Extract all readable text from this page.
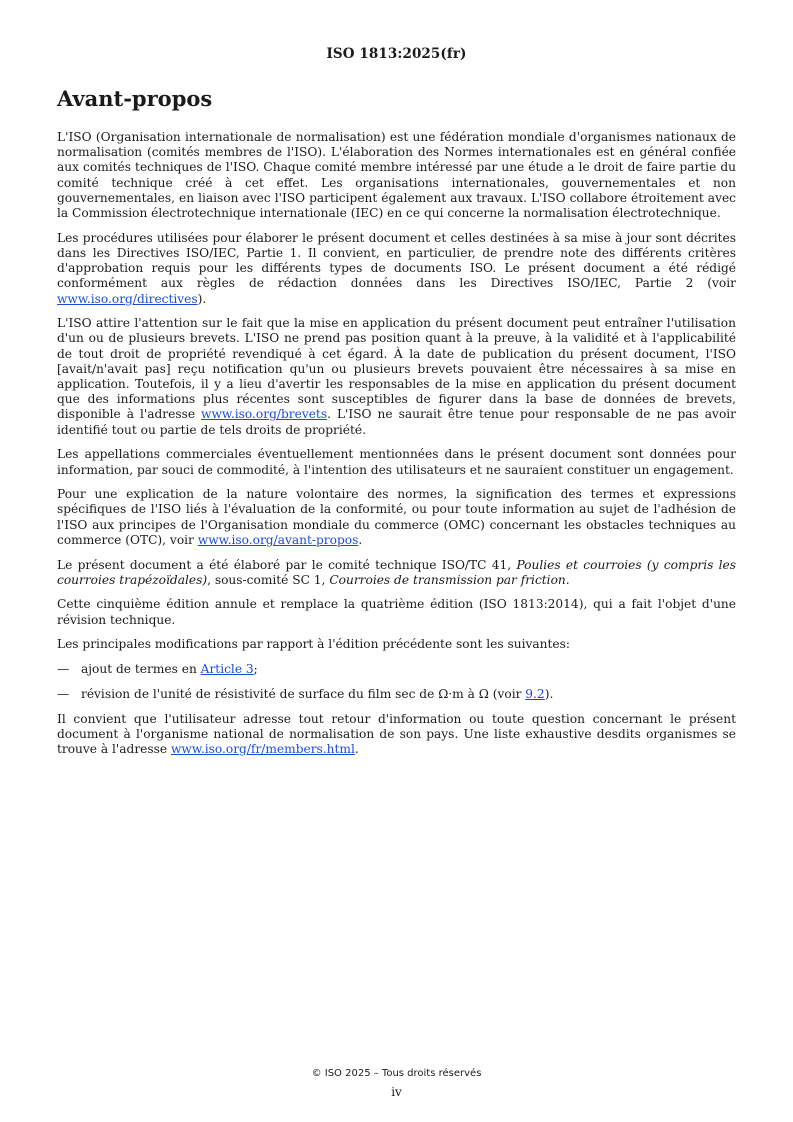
ISO 1813:2025(fr)
Avant-propos

L'ISO (Organisation internationale de normalisation) est une fédération mondiale d'organismes nationaux de normalisation (comités membres de l'ISO). L'élaboration des Normes internationales est en général confiée aux comités techniques de l'ISO. Chaque comité membre intéressé par une étude a le droit de faire partie du comité technique créé à cet effet. Les organisations internationales, gouvernementales et non gouvernementales, en liaison avec l'ISO participent également aux travaux. L'ISO collabore étroitement avec la Commission électrotechnique internationale (IEC) en ce qui concerne la normalisation électrotechnique.

Les procédures utilisées pour élaborer le présent document et celles destinées à sa mise à jour sont décrites dans les Directives ISO/IEC, Partie 1. Il convient, en particulier, de prendre note des différents critères d'approbation requis pour les différents types de documents ISO. Le présent document a été rédigé conformément aux règles de rédaction données dans les Directives ISO/IEC, Partie 2 (voir www.iso.org/directives).

L'ISO attire l'attention sur le fait que la mise en application du présent document peut entraîner l'utilisation d'un ou de plusieurs brevets. L'ISO ne prend pas position quant à la preuve, à la validité et à l'applicabilité de tout droit de propriété revendiqué à cet égard. À la date de publication du présent document, l'ISO [avait/n'avait pas] reçu notification qu'un ou plusieurs brevets pouvaient être nécessaires à sa mise en application. Toutefois, il y a lieu d'avertir les responsables de la mise en application du présent document que des informations plus récentes sont susceptibles de figurer dans la base de données de brevets, disponible à l'adresse www.iso.org/brevets. L'ISO ne saurait être tenue pour responsable de ne pas avoir identifié tout ou partie de tels droits de propriété.

Les appellations commerciales éventuellement mentionnées dans le présent document sont données pour information, par souci de commodité, à l'intention des utilisateurs et ne sauraient constituer un engagement.

Pour une explication de la nature volontaire des normes, la signification des termes et expressions spécifiques de l'ISO liés à l'évaluation de la conformité, ou pour toute information au sujet de l'adhésion de l'ISO aux principes de l'Organisation mondiale du commerce (OMC) concernant les obstacles techniques au commerce (OTC), voir www.iso.org/avant-propos.

Le présent document a été élaboré par le comité technique ISO/TC 41, Poulies et courroies (y compris les courroies trapézoïdales), sous-comité SC 1, Courroies de transmission par friction.

Cette cinquième édition annule et remplace la quatrième édition (ISO 1813:2014), qui a fait l'objet d'une révision technique.

Les principales modifications par rapport à l'édition précédente sont les suivantes:

— ajout de termes en Article 3;
— révision de l'unité de résistivité de surface du film sec de Ω·m à Ω (voir 9.2).

Il convient que l'utilisateur adresse tout retour d'information ou toute question concernant le présent document à l'organisme national de normalisation de son pays. Une liste exhaustive desdits organismes se trouve à l'adresse www.iso.org/fr/members.html.

© ISO 2025 – Tous droits réservés
iv
